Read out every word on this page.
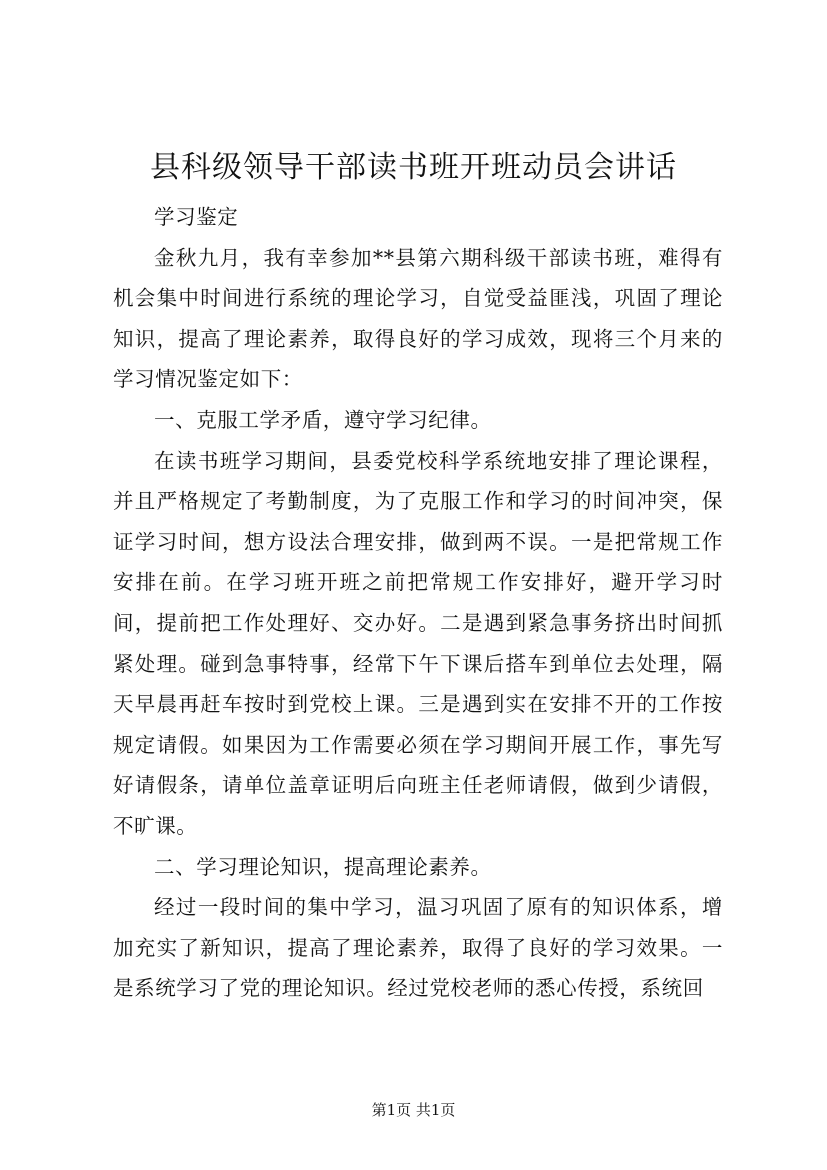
县科级领导干部读书班开班动员会讲话

学习鉴定

金秋九月，我有幸参加**县第六期科级干部读书班，难得有机会集中时间进行系统的理论学习，自觉受益匪浅，巩固了理论知识，提高了理论素养，取得良好的学习成效，现将三个月来的学习情况鉴定如下：

一、克服工学矛盾，遵守学习纪律。

在读书班学习期间，县委党校科学系统地安排了理论课程，并且严格规定了考勤制度，为了克服工作和学习的时间冲突，保证学习时间，想方设法合理安排，做到两不误。一是把常规工作安排在前。在学习班开班之前把常规工作安排好，避开学习时间，提前把工作处理好、交办好。二是遇到紧急事务挤出时间抓紧处理。碰到急事特事，经常下午下课后搭车到单位去处理，隔天早晨再赶车按时到党校上课。三是遇到实在安排不开的工作按规定请假。如果因为工作需要必须在学习期间开展工作，事先写好请假条，请单位盖章证明后向班主任老师请假，做到少请假，不旷课。

二、学习理论知识，提高理论素养。

经过一段时间的集中学习，温习巩固了原有的知识体系，增加充实了新知识，提高了理论素养，取得了良好的学习效果。一是系统学习了党的理论知识。经过党校老师的悉心传授，系统回

第1页 共1页
